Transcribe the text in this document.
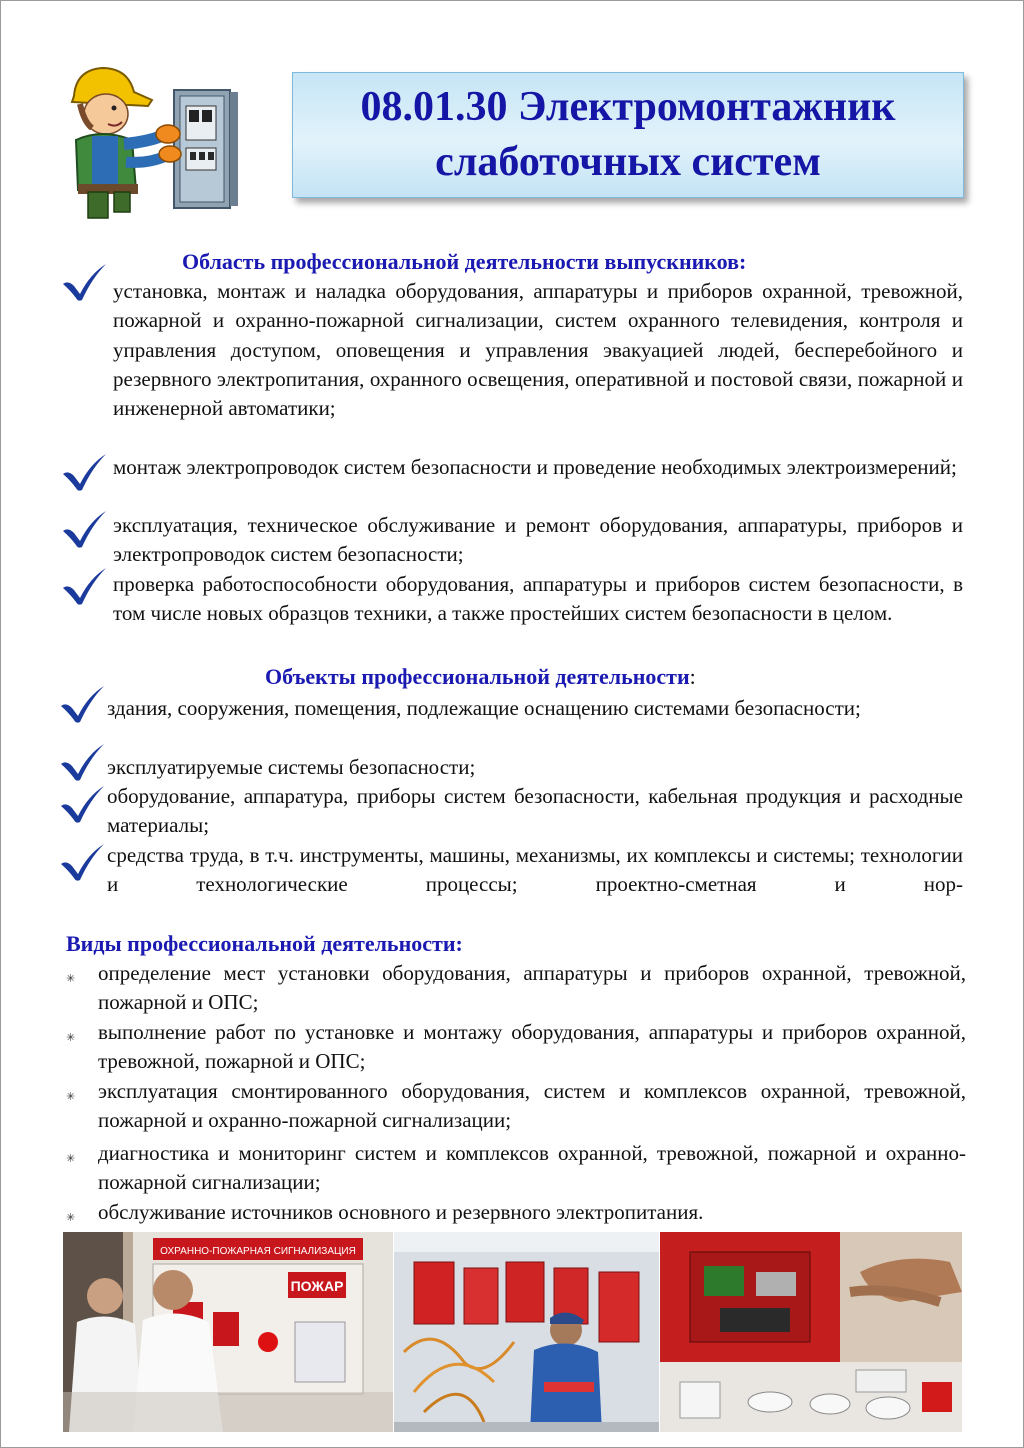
08.01.30 Электромонтажник
слаботочных систем
Область профессиональной деятельности выпускников:
установка, монтаж и наладка оборудования, аппаратуры и приборов охранной, тревожной, пожарной и охранно-пожарной сигнализации, систем охранного телевидения, контроля и управления доступом, оповещения и управления эвакуацией людей, бесперебойного и резервного электропитания, охранного освещения, оперативной и постовой связи, пожарной и инженерной автоматики;
монтаж электропроводок систем безопасности и проведение необходимых электроизмерений;
эксплуатация, техническое обслуживание и ремонт оборудования, аппаратуры, приборов и электропроводок систем безопасности;
проверка работоспособности оборудования, аппаратуры и приборов систем безопасности, в том числе новых образцов техники, а также простейших систем безопасности в целом.
Объекты профессиональной деятельности:
здания, сооружения, помещения, подлежащие оснащению системами безопасности;
эксплуатируемые системы безопасности;
оборудование, аппаратура, приборы систем безопасности, кабельная продукция и расходные материалы;
средства труда, в т.ч. инструменты, машины, механизмы, их комплексы и системы; технологии и технологические процессы; проектно-сметная и нор-
Виды профессиональной деятельности:
✳ определение мест установки оборудования, аппаратуры и приборов охранной, тревожной, пожарной и ОПС;
✳ выполнение работ по установке и монтажу оборудования, аппаратуры и приборов охранной, тревожной, пожарной и ОПС;
✳ эксплуатация смонтированного оборудования, систем и комплексов охранной, тревожной, пожарной и охранно-пожарной сигнализации;
✳ диагностика и мониторинг систем и комплексов охранной, тревожной, пожарной и охранно-пожарной сигнализации;
✳ обслуживание источников основного и резервного электропитания.
ОХРАННО-ПОЖАРНАЯ СИГНАЛИЗАЦИЯ
ПОЖАР
